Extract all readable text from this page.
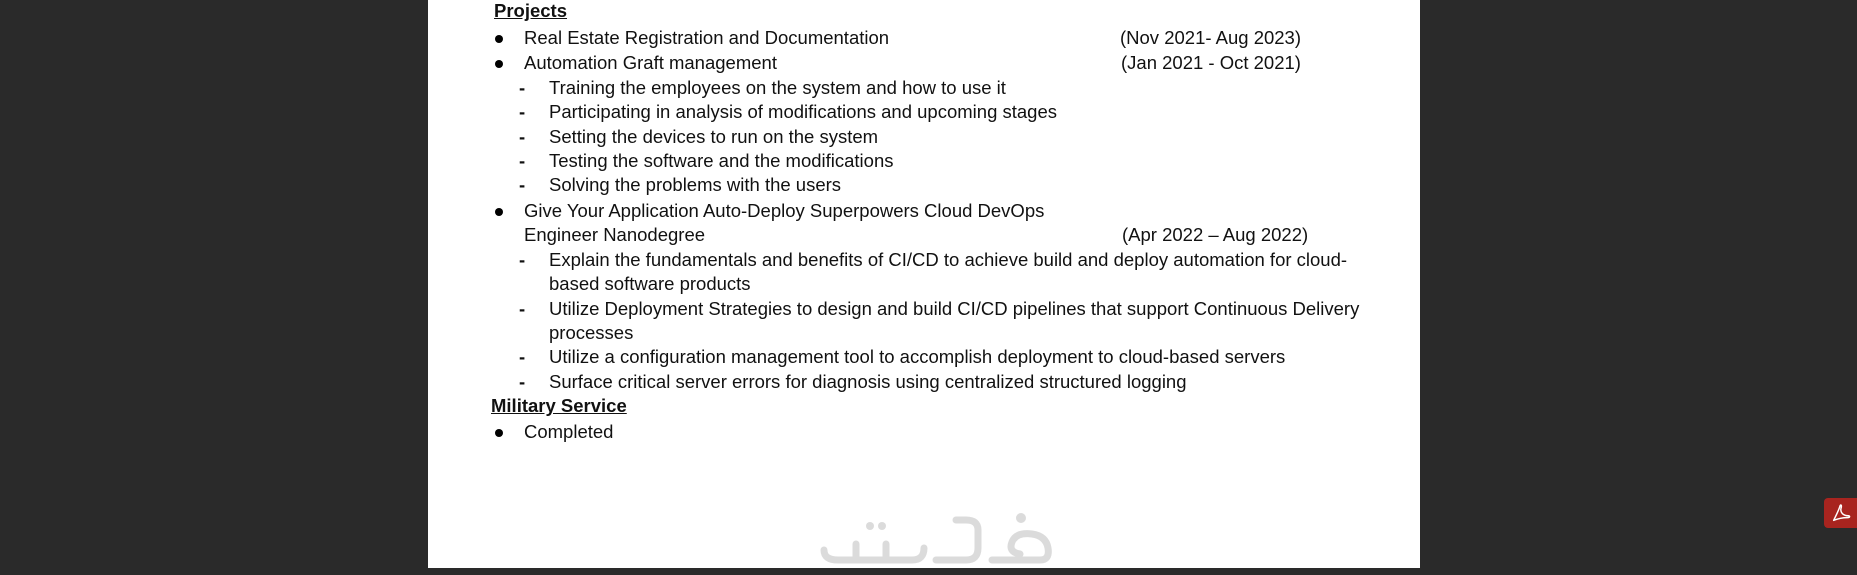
Projects
Real Estate Registration and Documentation	(Nov 2021- Aug 2023)
Automation Graft management	(Jan 2021 - Oct 2021)
- Training the employees on the system and how to use it
- Participating in analysis of modifications and upcoming stages
- Setting the devices to run on the system
- Testing the software and the modifications
- Solving the problems with the users
Give Your Application Auto-Deploy Superpowers Cloud DevOps
Engineer Nanodegree	(Apr 2022 – Aug 2022)
- Explain the fundamentals and benefits of CI/CD to achieve build and deploy automation for cloud-
based software products
- Utilize Deployment Strategies to design and build CI/CD pipelines that support Continuous Delivery
processes
- Utilize a configuration management tool to accomplish deployment to cloud-based servers
- Surface critical server errors for diagnosis using centralized structured logging
Military Service
Completed
